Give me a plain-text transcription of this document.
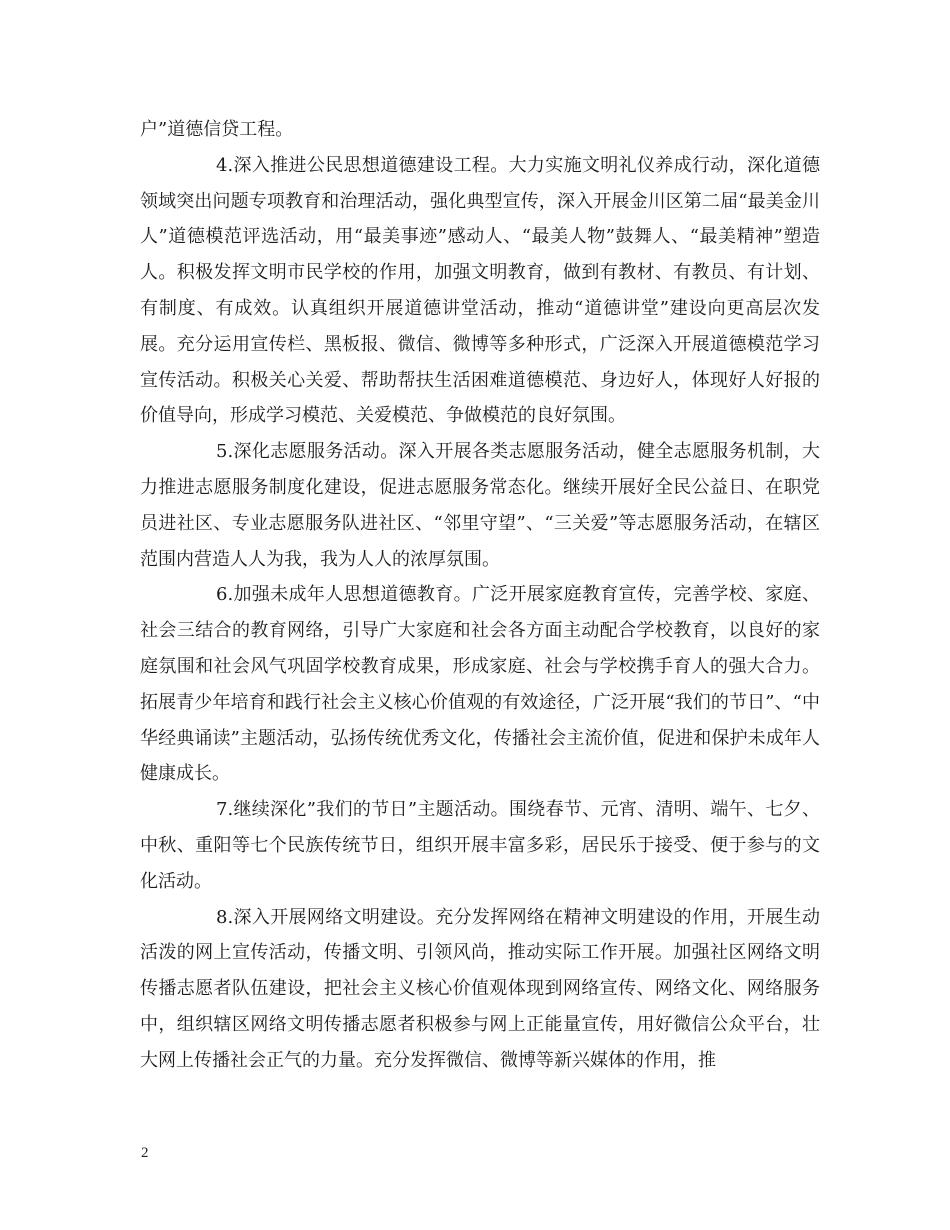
户”道德信贷工程。

4.深入推进公民思想道德建设工程。大力实施文明礼仪养成行动，深化道德领域突出问题专项教育和治理活动，强化典型宣传，深入开展金川区第二届“最美金川人”道德模范评选活动，用“最美事迹”感动人、“最美人物”鼓舞人、“最美精神”塑造人。积极发挥文明市民学校的作用，加强文明教育，做到有教材、有教员、有计划、有制度、有成效。认真组织开展道德讲堂活动，推动“道德讲堂”建设向更高层次发展。充分运用宣传栏、黑板报、微信、微博等多种形式，广泛深入开展道德模范学习宣传活动。积极关心关爱、帮助帮扶生活困难道德模范、身边好人，体现好人好报的价值导向，形成学习模范、关爱模范、争做模范的良好氛围。

5.深化志愿服务活动。深入开展各类志愿服务活动，健全志愿服务机制，大力推进志愿服务制度化建设，促进志愿服务常态化。继续开展好全民公益日、在职党员进社区、专业志愿服务队进社区、“邻里守望”、“三关爱”等志愿服务活动，在辖区范围内营造人人为我，我为人人的浓厚氛围。

6.加强未成年人思想道德教育。广泛开展家庭教育宣传，完善学校、家庭、社会三结合的教育网络，引导广大家庭和社会各方面主动配合学校教育，以良好的家庭氛围和社会风气巩固学校教育成果，形成家庭、社会与学校携手育人的强大合力。拓展青少年培育和践行社会主义核心价值观的有效途径，广泛开展“我们的节日”、“中华经典诵读”主题活动，弘扬传统优秀文化，传播社会主流价值，促进和保护未成年人健康成长。

7.继续深化”我们的节日”主题活动。围绕春节、元宵、清明、端午、七夕、中秋、重阳等七个民族传统节日，组织开展丰富多彩，居民乐于接受、便于参与的文化活动。

8.深入开展网络文明建设。充分发挥网络在精神文明建设的作用，开展生动活泼的网上宣传活动，传播文明、引领风尚，推动实际工作开展。加强社区网络文明传播志愿者队伍建设，把社会主义核心价值观体现到网络宣传、网络文化、网络服务中，组织辖区网络文明传播志愿者积极参与网上正能量宣传，用好微信公众平台，壮大网上传播社会正气的力量。充分发挥微信、微博等新兴媒体的作用，推

2
